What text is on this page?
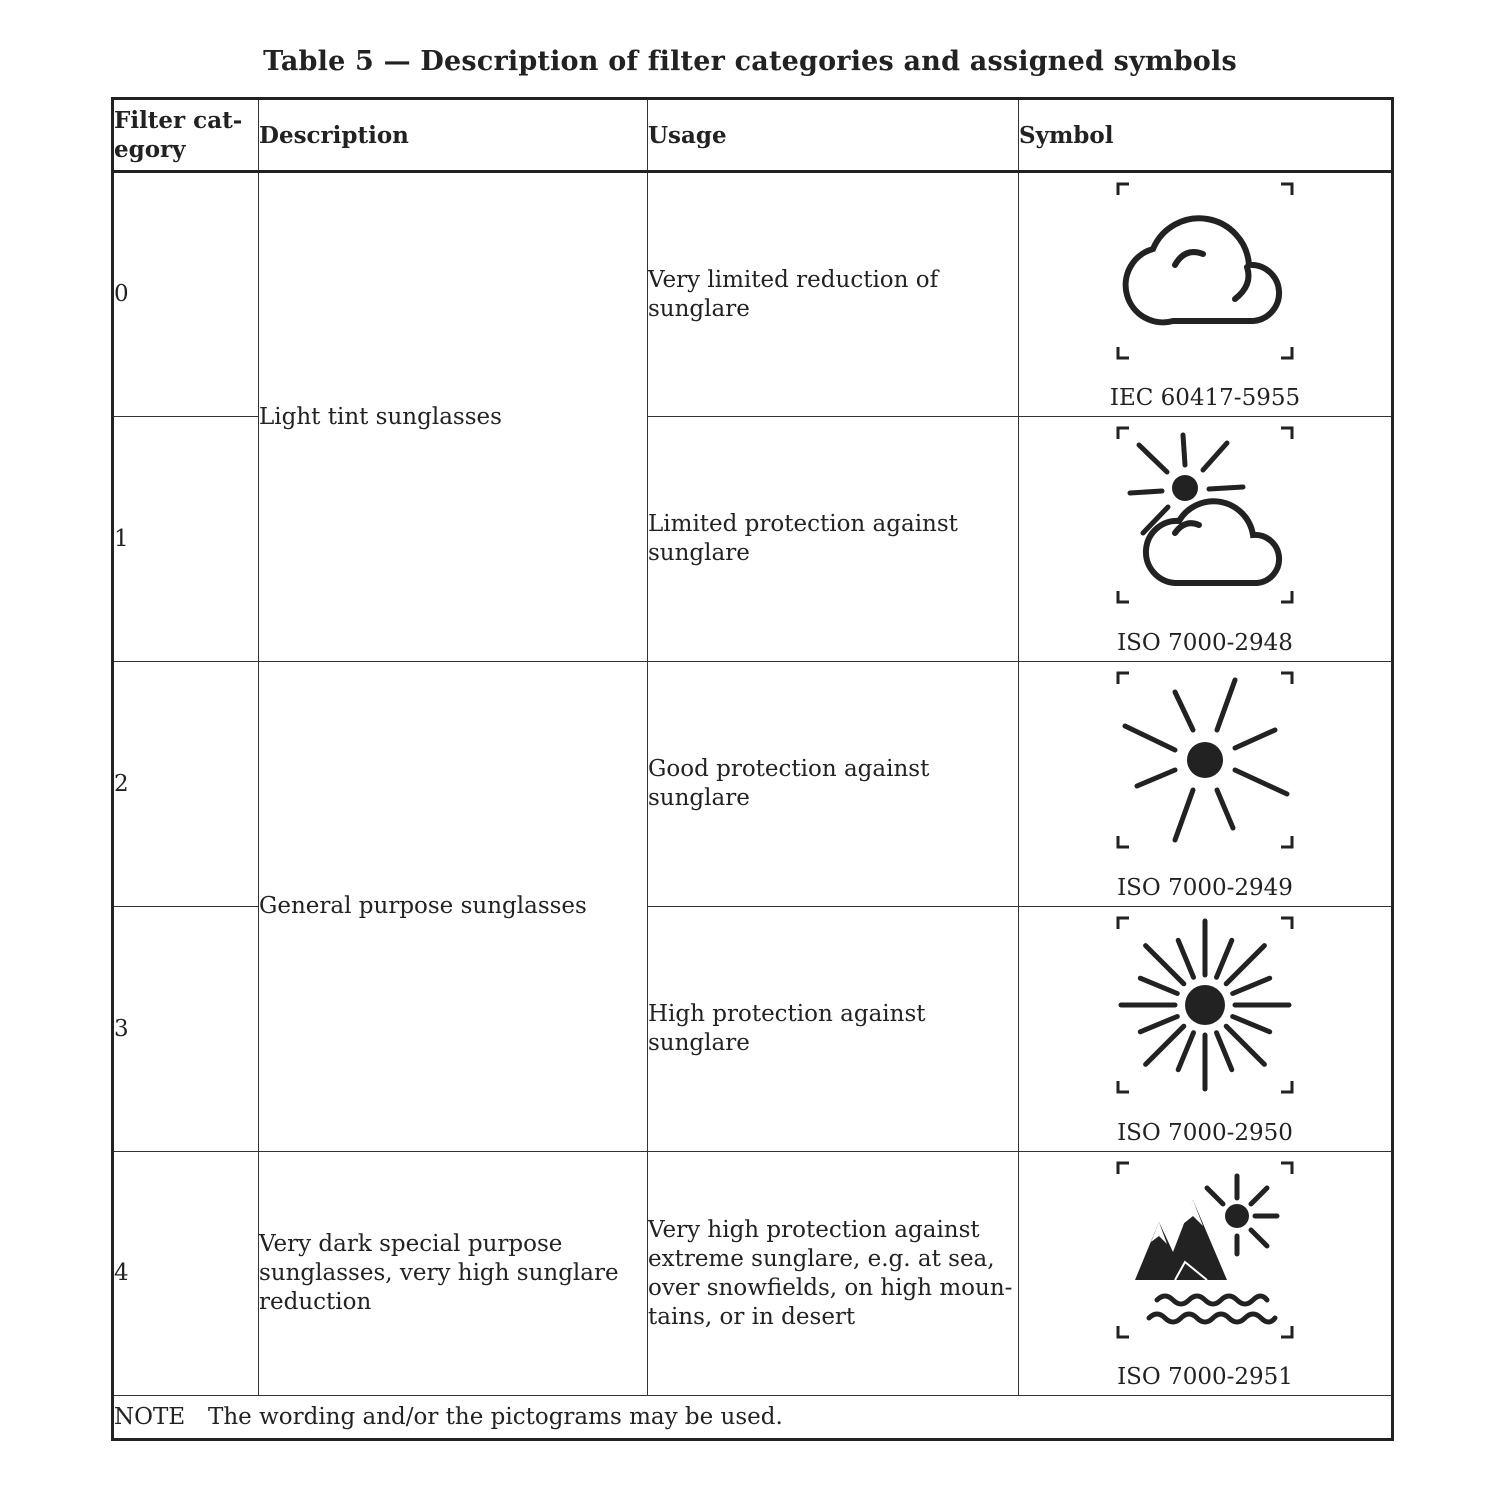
Table 5 — Description of filter categories and assigned symbols
Filter cat-egory	Description	Usage	Symbol
0	Light tint sunglasses	Very limited reduction of sunglare	IEC 60417-5955

1		Limited protection against sunglare	ISO 7000-2948

2	General purpose sunglasses	Good protection against sunglare	ISO 7000-2949

3		High protection against sunglare	ISO 7000-2950

4	Very dark special purpose sunglasses, very high sunglare reduction	Very high protection against extreme sunglare, e.g. at sea, over snowfields, on high moun-tains, or in desert	ISO 7000-2951

NOTE The wording and/or the pictograms may be used.			
